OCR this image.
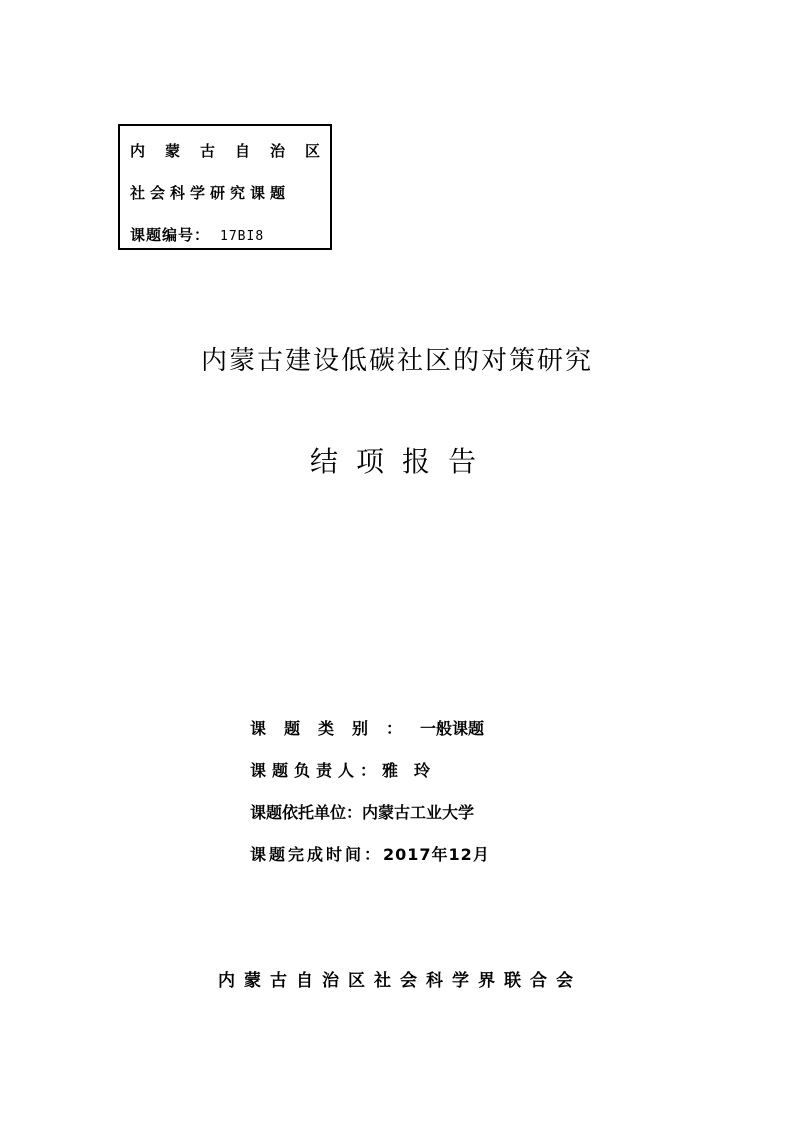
内蒙古自治区
社会科学研究课题
课题编号： 17BI8
内蒙古建设低碳社区的对策研究
结项报告
课题类别：一般课题
课题负责人：雅玲
课题依托单位：内蒙古工业大学
课题完成时间：2017年12月
内蒙古自治区社会科学界联合会
